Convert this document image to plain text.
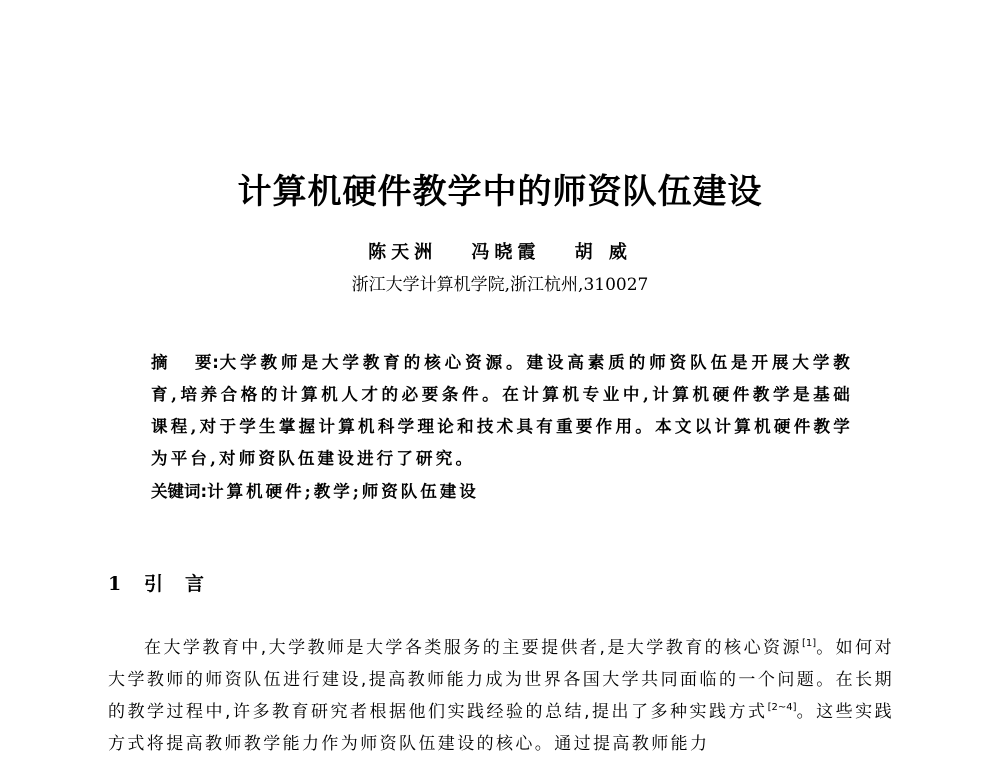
计算机硬件教学中的师资队伍建设
陈天洲 冯晓霞 胡 威
浙江大学计算机学院,浙江杭州,310027
摘 要:大学教师是大学教育的核心资源。建设高素质的师资队伍是开展大学教育,培养合格的计算机人才的必要条件。在计算机专业中,计算机硬件教学是基础课程,对于学生掌握计算机科学理论和技术具有重要作用。本文以计算机硬件教学为平台,对师资队伍建设进行了研究。
关键词:计算机硬件;教学;师资队伍建设
1 引言

在大学教育中,大学教师是大学各类服务的主要提供者,是大学教育的核心资源[1]。如何对大学教师的师资队伍进行建设,提高教师能力成为世界各国大学共同面临的一个问题。在长期的教学过程中,许多教育研究者根据他们实践经验的总结,提出了多种实践方式[2~4]。这些实践方式将提高教师教学能力作为师资队伍建设的核心。通过提高教师能力
